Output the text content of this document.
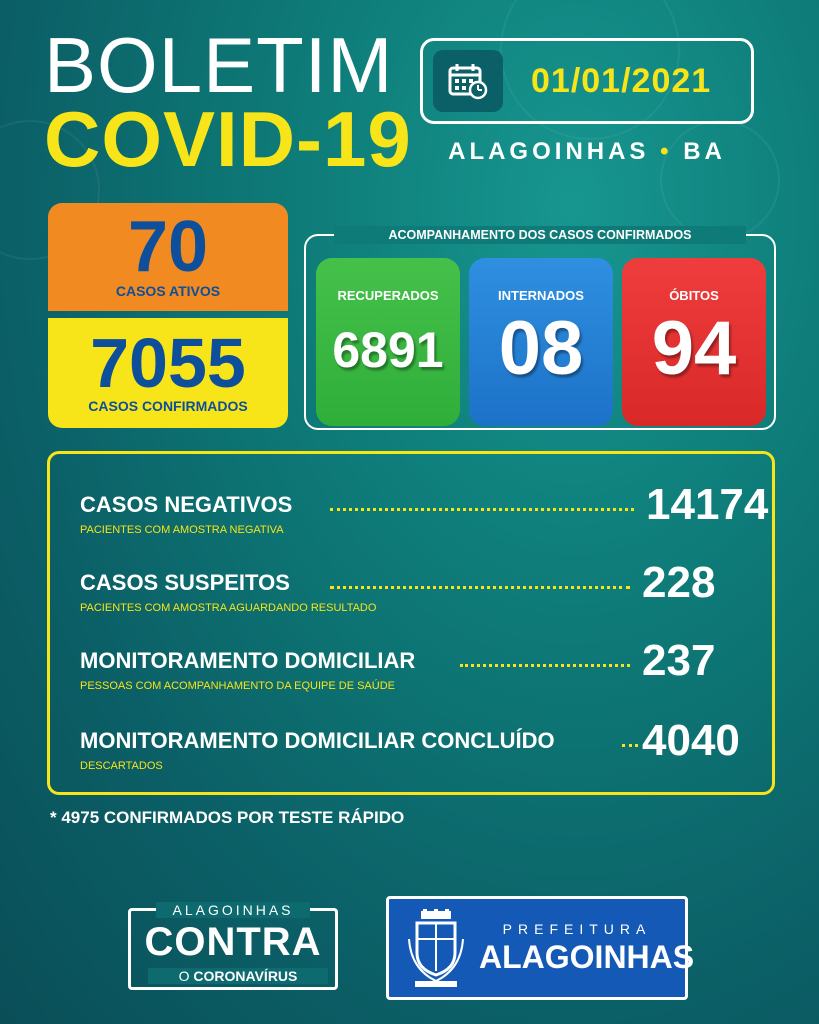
BOLETIM
COVID-19
01/01/2021
ALAGOINHAS • BA
70
CASOS ATIVOS
7055
CASOS CONFIRMADOS
ACOMPANHAMENTO DOS CASOS CONFIRMADOS
RECUPERADOS
6891
INTERNADOS
08
ÓBITOS
94
CASOS NEGATIVOS
PACIENTES COM AMOSTRA NEGATIVA
14174
CASOS SUSPEITOS
PACIENTES COM AMOSTRA AGUARDANDO RESULTADO
228
MONITORAMENTO DOMICILIAR
PESSOAS COM ACOMPANHAMENTO DA EQUIPE DE SAÚDE
237
MONITORAMENTO DOMICILIAR CONCLUÍDO
DESCARTADOS
4040
* 4975 CONFIRMADOS POR TESTE RÁPIDO
ALAGOINHAS
CONTRA
O CORONAVÍRUS
PREFEITURA
ALAGOINHAS
